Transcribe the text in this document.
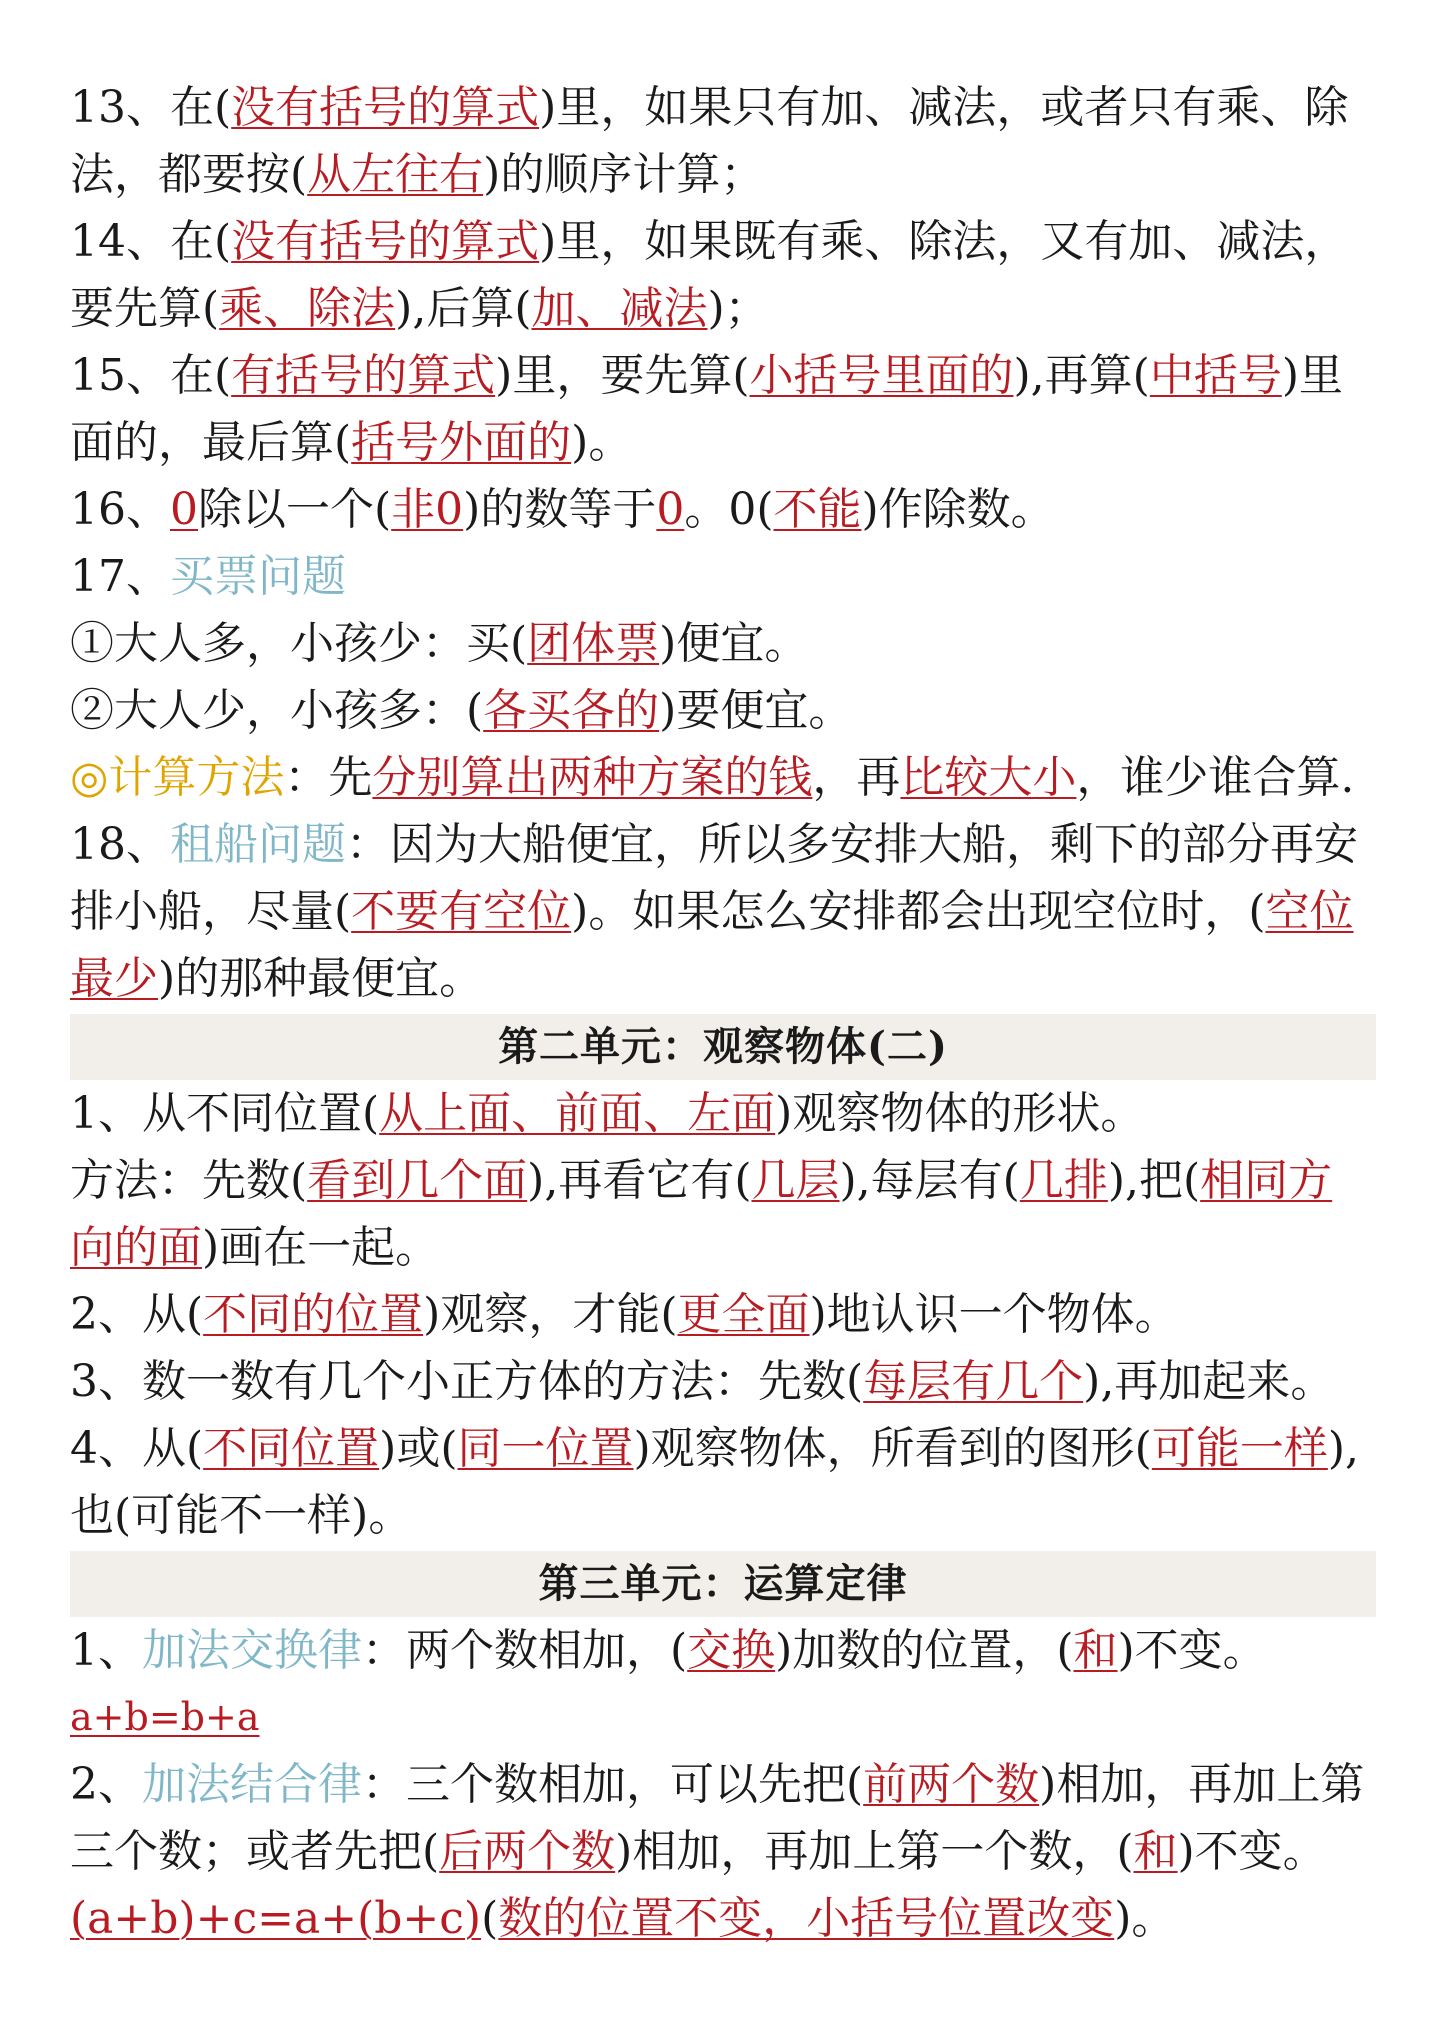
13、在(没有括号的算式)里，如果只有加、减法，或者只有乘、除法，都要按(从左往右)的顺序计算；

14、在(没有括号的算式)里，如果既有乘、除法，又有加、减法，要先算(乘、除法),后算(加、减法)；

15、在(有括号的算式)里，要先算(小括号里面的),再算(中括号)里面的，最后算(括号外面的)。

16、0除以一个(非0)的数等于0。0(不能)作除数。

17、买票问题

①大人多，小孩少：买(团体票)便宜。

②大人少，小孩多：(各买各的)要便宜。

◎计算方法：先分别算出两种方案的钱，再比较大小，谁少谁合算.

18、租船问题：因为大船便宜，所以多安排大船，剩下的部分再安排小船，尽量(不要有空位)。如果怎么安排都会出现空位时，(空位最少)的那种最便宜。

第二单元：观察物体(二)

1、从不同位置(从上面、前面、左面)观察物体的形状。

方法：先数(看到几个面),再看它有(几层),每层有(几排),把(相同方向的面)画在一起。

2、从(不同的位置)观察，才能(更全面)地认识一个物体。

3、数一数有几个小正方体的方法：先数(每层有几个),再加起来。

4、从(不同位置)或(同一位置)观察物体，所看到的图形(可能一样),也(可能不一样)。

第三单元：运算定律

1、加法交换律：两个数相加，(交换)加数的位置，(和)不变。

a+b=b+a

2、加法结合律：三个数相加，可以先把(前两个数)相加，再加上第三个数；或者先把(后两个数)相加，再加上第一个数，(和)不变。

(a+b)+c=a+(b+c)(数的位置不变，小括号位置改变)。
